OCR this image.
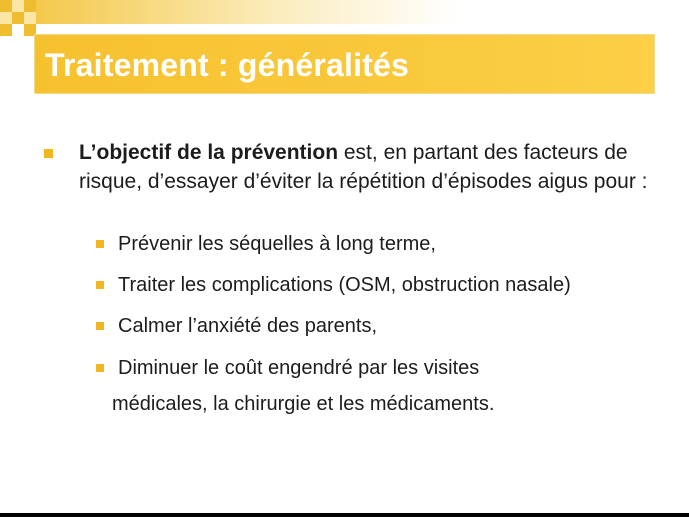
Traitement : généralités
L’objectif de la prévention est, en partant des facteurs de risque, d’essayer d’éviter la répétition d’épisodes aigus pour :
Prévenir les séquelles à long terme,
Traiter les complications (OSM, obstruction nasale)
Calmer l’anxiété des parents,
Diminuer le coût engendré par les visites
médicales, la chirurgie et les médicaments.
